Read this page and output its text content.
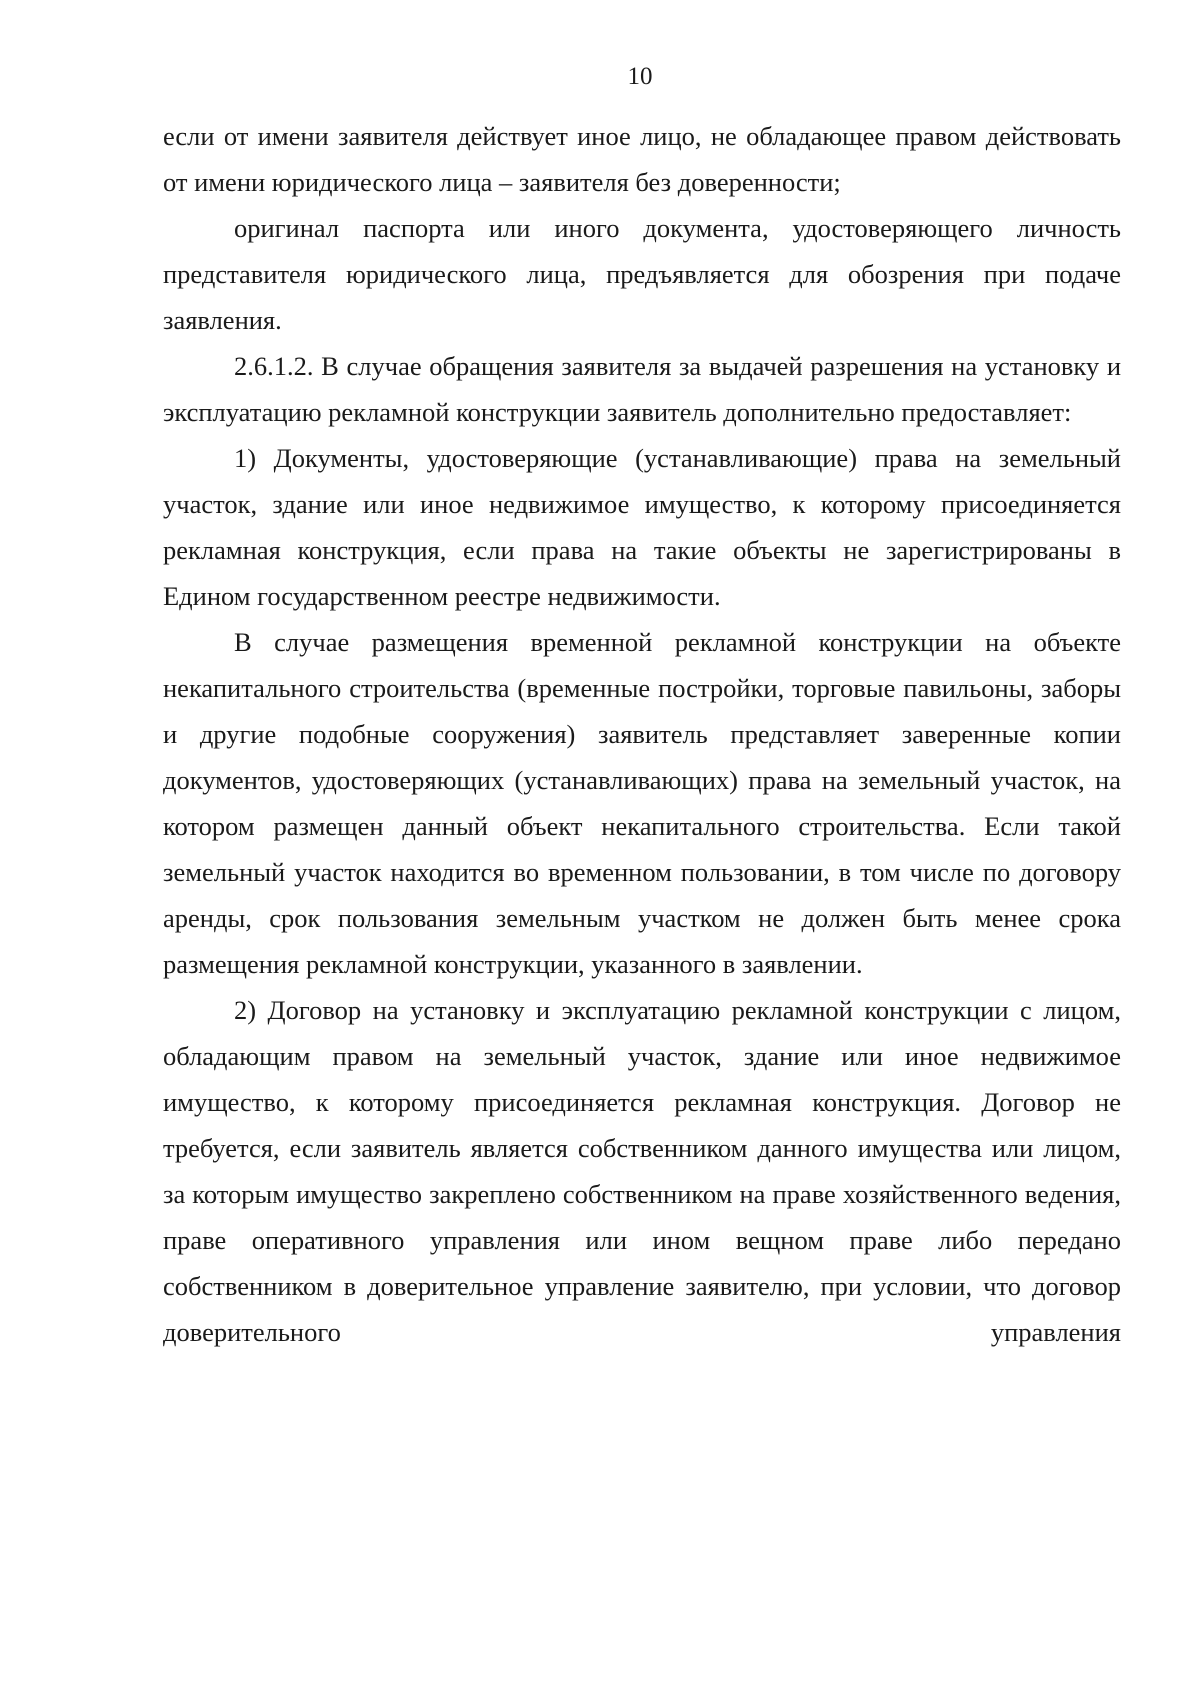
10

если от имени заявителя действует иное лицо, не обладающее правом действовать от имени юридического лица – заявителя без доверенности;

оригинал паспорта или иного документа, удостоверяющего личность представителя юридического лица, предъявляется для обозрения при подаче заявления.

2.6.1.2. В случае обращения заявителя за выдачей разрешения на установку и эксплуатацию рекламной конструкции заявитель дополнительно предоставляет:

1) Документы, удостоверяющие (устанавливающие) права на земельный участок, здание или иное недвижимое имущество, к которому присоединяется рекламная конструкция, если права на такие объекты не зарегистрированы в Едином государственном реестре недвижимости.

В случае размещения временной рекламной конструкции на объекте некапитального строительства (временные постройки, торговые павильоны, заборы и другие подобные сооружения) заявитель представляет заверенные копии документов, удостоверяющих (устанавливающих) права на земельный участок, на котором размещен данный объект некапитального строительства. Если такой земельный участок находится во временном пользовании, в том числе по договору аренды, срок пользования земельным участком не должен быть менее срока размещения рекламной конструкции, указанного в заявлении.

2) Договор на установку и эксплуатацию рекламной конструкции с лицом, обладающим правом на земельный участок, здание или иное недвижимое имущество, к которому присоединяется рекламная конструкция. Договор не требуется, если заявитель является собственником данного имущества или лицом, за которым имущество закреплено собственником на праве хозяйственного ведения, праве оперативного управления или ином вещном праве либо передано собственником в доверительное управление заявителю, при условии, что договор доверительного управления
